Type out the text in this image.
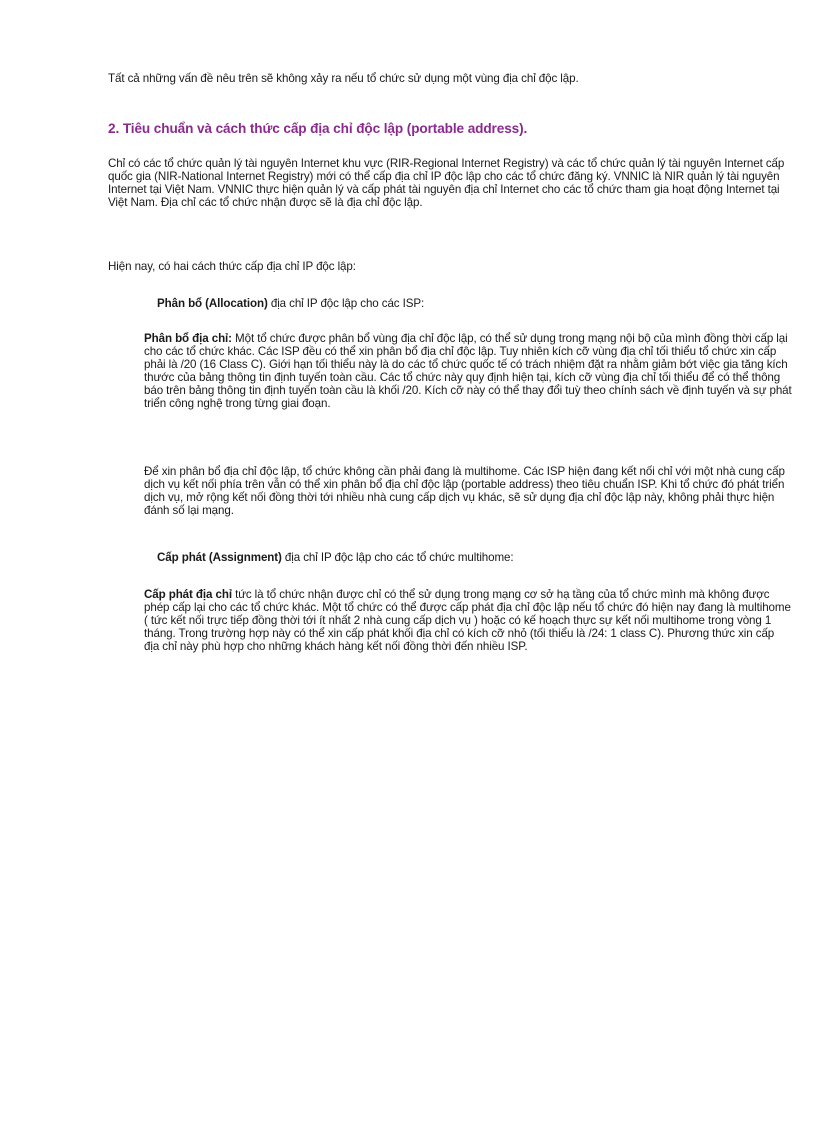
Tất cả những vấn đề nêu trên sẽ không xảy ra nếu tổ chức sử dụng một vùng địa chỉ độc lập.

2. Tiêu chuẩn và cách thức cấp địa chỉ độc lập (portable address).

Chỉ có các tổ chức quản lý tài nguyên Internet khu vực (RIR-Regional Internet Registry) và các tổ chức quản lý tài nguyên Internet cấp quốc gia (NIR-National Internet Registry) mới có thể cấp địa chỉ IP độc lập cho các tổ chức đăng ký. VNNIC là NIR quản lý tài nguyên Internet tại Việt Nam. VNNIC thực hiện quản lý và cấp phát tài nguyên địa chỉ Internet cho các tổ chức tham gia hoạt động Internet tại Việt Nam. Địa chỉ các tổ chức nhận được sẽ là địa chỉ độc lập.

Hiện nay, có hai cách thức cấp địa chỉ IP độc lập:

Phân bổ (Allocation) địa chỉ IP độc lập cho các ISP:

Phân bổ địa chỉ: Một tổ chức được phân bổ vùng địa chỉ độc lập, có thể sử dụng trong mạng nội bộ của mình đồng thời cấp lại cho các tổ chức khác. Các ISP đều có thể xin phân bổ địa chỉ độc lập. Tuy nhiên kích cỡ vùng địa chỉ tối thiểu tổ chức xin cấp phải là /20 (16 Class C). Giới hạn tối thiểu này là do các tổ chức quốc tế có trách nhiệm đặt ra nhằm giảm bớt việc gia tăng kích thước của bảng thông tin định tuyến toàn cầu. Các tổ chức này quy định hiện tại, kích cỡ vùng địa chỉ tối thiểu để có thể thông báo trên bảng thông tin định tuyến toàn cầu là khối /20. Kích cỡ này có thể thay đổi tuỳ theo chính sách về định tuyến và sự phát triển công nghệ trong từng giai đoạn.

Để xin phân bổ địa chỉ độc lập, tổ chức không cần phải đang là multihome. Các ISP hiện đang kết nối chỉ với một nhà cung cấp dịch vụ kết nối phía trên vẫn có thể xin phân bổ địa chỉ độc lập (portable address) theo tiêu chuẩn ISP. Khi tổ chức đó phát triển dịch vụ, mở rộng kết nối đồng thời tới nhiều nhà cung cấp dịch vụ khác, sẽ sử dụng địa chỉ độc lập này, không phải thực hiện đánh số lại mạng.

Cấp phát (Assignment) địa chỉ IP độc lập cho các tổ chức multihome:

Cấp phát địa chỉ tức là tổ chức nhận được chỉ có thể sử dụng trong mạng cơ sở hạ tầng của tổ chức mình mà không được phép cấp lại cho các tổ chức khác. Một tổ chức có thể được cấp phát địa chỉ độc lập nếu tổ chức đó hiện nay đang là multihome ( tức kết nối trực tiếp đồng thời tới ít nhất 2 nhà cung cấp dịch vụ ) hoặc có kế hoạch thực sự kết nối multihome trong vòng 1 tháng. Trong trường hợp này có thể xin cấp phát khối địa chỉ có kích cỡ nhỏ (tối thiểu là /24: 1 class C). Phương thức xin cấp địa chỉ này phù hợp cho những khách hàng kết nối đồng thời đến nhiều ISP.
